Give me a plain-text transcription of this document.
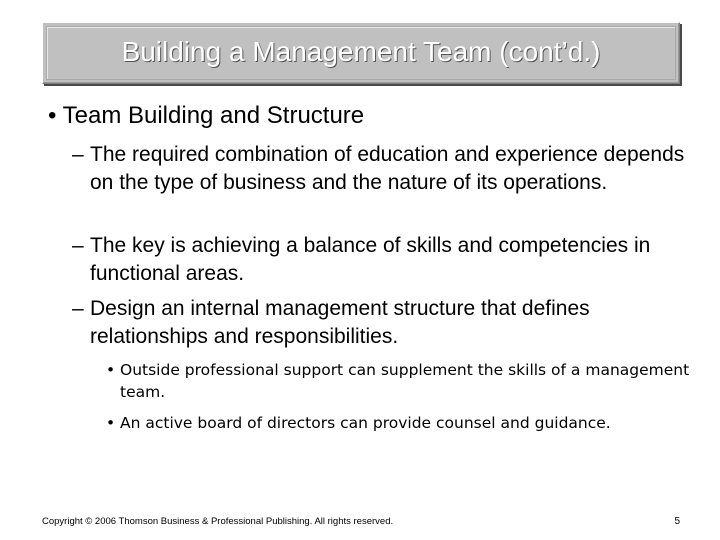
Building a Management Team (cont’d.)
• Team Building and Structure
– The required combination of education and experience depends on the type of business and the nature of its operations.
– The key is achieving a balance of skills and competencies in functional areas.
– Design an internal management structure that defines relationships and responsibilities.
• Outside professional support can supplement the skills of a management team.
• An active board of directors can provide counsel and guidance.
Copyright © 2006 Thomson Business & Professional Publishing. All rights reserved.	5
